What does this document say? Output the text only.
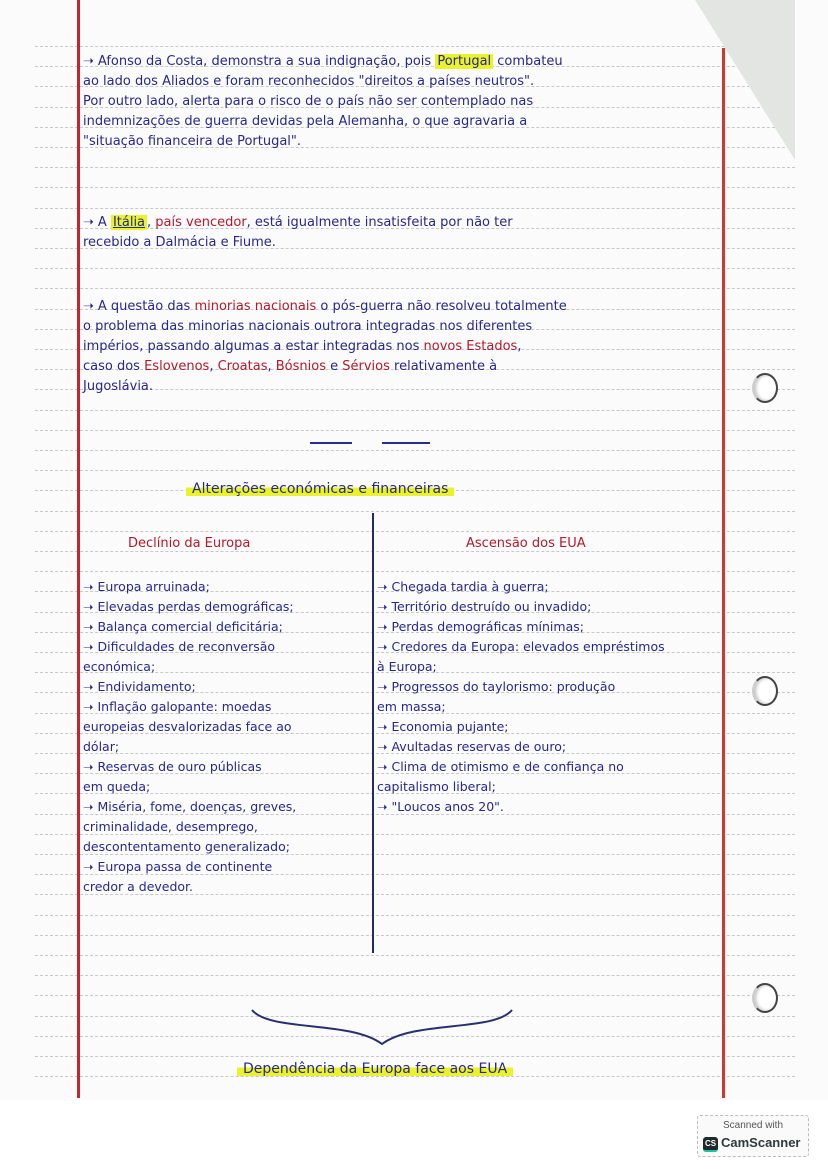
➝ Afonso da Costa, demonstra a sua indignação, pois Portugal combateu
ao lado dos Aliados e foram reconhecidos "direitos a países neutros".
Por outro lado, alerta para o risco de o país não ser contemplado nas
indemnizações de guerra devidas pela Alemanha, o que agravaria a
"situação financeira de Portugal".
➝ A Itália , país vencedor, está igualmente insatisfeita por não ter
recebido a Dalmácia e Fiume.
➝ A questão das minorias nacionais o pós-guerra não resolveu totalmente
o problema das minorias nacionais outrora integradas nos diferentes
impérios, passando algumas a estar integradas nos novos Estados,
caso dos Eslovenos, Croatas, Bósnios e Sérvios relativamente à
Jugoslávia.
Alterações económicas e financeiras
Declínio da Europa	Ascensão dos EUA
➝ Europa arruinada;
➝ Elevadas perdas demográficas;
➝ Balança comercial deficitária;
➝ Dificuldades de reconversão
económica;
➝ Endividamento;
➝ Inflação galopante: moedas
europeias desvalorizadas face ao
dólar;
➝ Reservas de ouro públicas
em queda;
➝ Miséria, fome, doenças, greves,
criminalidade, desemprego,
descontentamento generalizado;
➝ Europa passa de continente
credor a devedor.
➝ Chegada tardia à guerra;
➝ Território destruído ou invadido;
➝ Perdas demográficas mínimas;
➝ Credores da Europa: elevados empréstimos
à Europa;
➝ Progressos do taylorismo: produção
em massa;
➝ Economia pujante;
➝ Avultadas reservas de ouro;
➝ Clima de otimismo e de confiança no
capitalismo liberal;
➝ "Loucos anos 20".
Dependência da Europa face aos EUA
Scanned with
CS CamScanner
